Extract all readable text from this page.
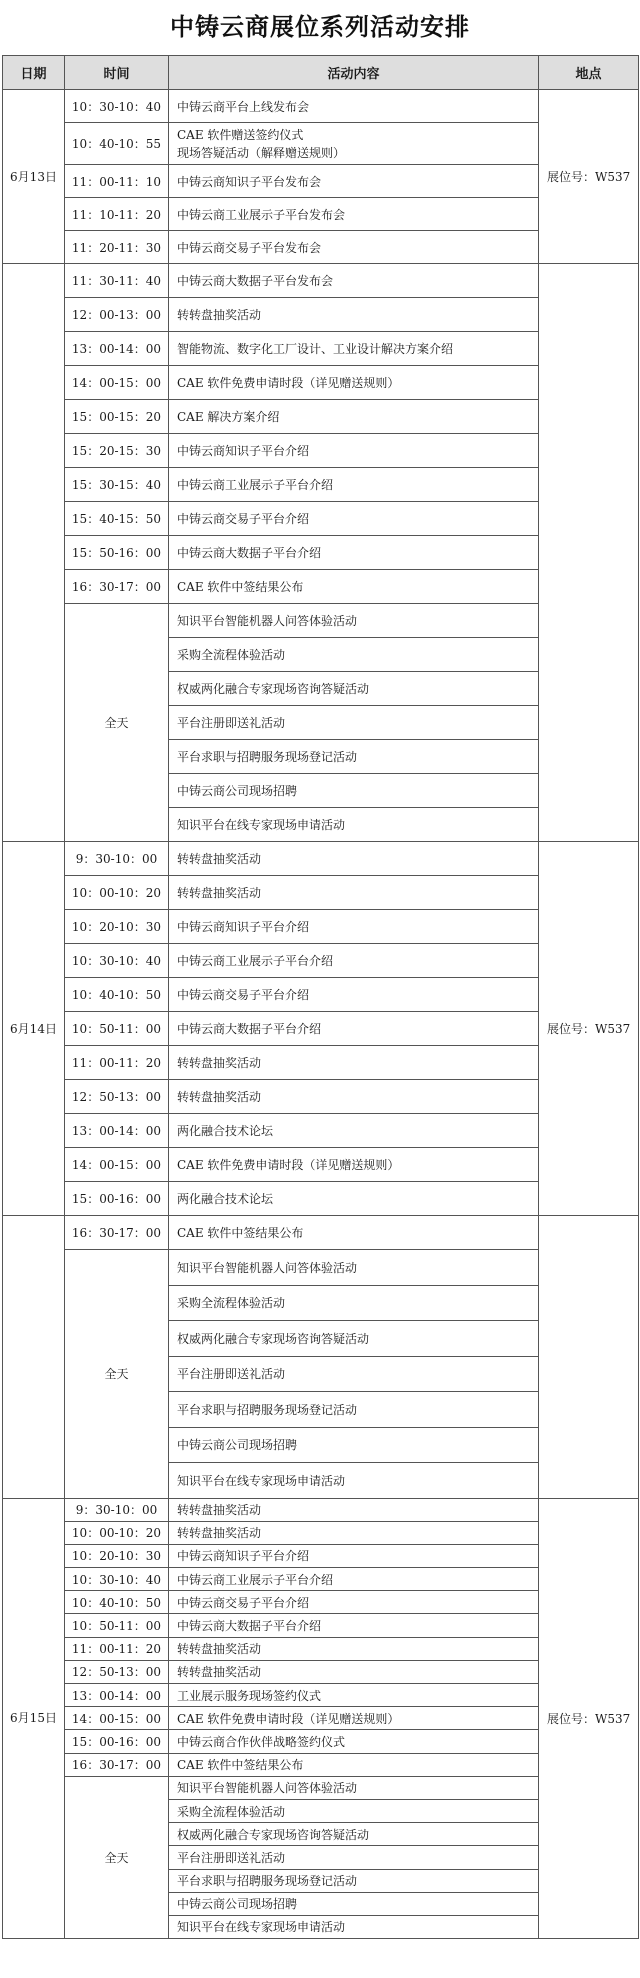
中铸云商展位系列活动安排
日期	时间	活动内容	地点
6月13日	10：30-10：40	中铸云商平台上线发布会	展位号：W537
	10：40-10：55	CAE 软件赠送签约仪式
现场答疑活动（解释赠送规则）	

	11：00-11：10	中铸云商知识子平台发布会	
	11：10-11：20	中铸云商工业展示子平台发布会	
	11：20-11：30	中铸云商交易子平台发布会	
	11：30-11：40	中铸云商大数据子平台发布会	
	12：00-13：00	转转盘抽奖活动	
	13：00-14：00	智能物流、数字化工厂设计、工业设计解决方案介绍	
	14：00-15：00	CAE 软件免费申请时段（详见赠送规则）	
	15：00-15：20	CAE 解决方案介绍	
	15：20-15：30	中铸云商知识子平台介绍	
	15：30-15：40	中铸云商工业展示子平台介绍	
	15：40-15：50	中铸云商交易子平台介绍	
	15：50-16：00	中铸云商大数据子平台介绍	
	16：30-17：00	CAE 软件中签结果公布	
	全天	知识平台智能机器人问答体验活动	
		采购全流程体验活动	
		权威两化融合专家现场咨询答疑活动	
		平台注册即送礼活动	
		平台求职与招聘服务现场登记活动	
		中铸云商公司现场招聘	
		知识平台在线专家现场申请活动	
6月14日	9：30-10：00	转转盘抽奖活动	展位号：W537
	10：00-10：20	转转盘抽奖活动	
	10：20-10：30	中铸云商知识子平台介绍	
	10：30-10：40	中铸云商工业展示子平台介绍	
	10：40-10：50	中铸云商交易子平台介绍	
	10：50-11：00	中铸云商大数据子平台介绍	
	11：00-11：20	转转盘抽奖活动	
	12：50-13：00	转转盘抽奖活动	
	13：00-14：00	两化融合技术论坛	
	14：00-15：00	CAE 软件免费申请时段（详见赠送规则）	
	15：00-16：00	两化融合技术论坛	
	16：30-17：00	CAE 软件中签结果公布	
	全天	知识平台智能机器人问答体验活动	
		采购全流程体验活动	
		权威两化融合专家现场咨询答疑活动	
		平台注册即送礼活动	
		平台求职与招聘服务现场登记活动	
		中铸云商公司现场招聘	
		知识平台在线专家现场申请活动	
6月15日	9：30-10：00	转转盘抽奖活动	展位号：W537
	10：00-10：20	转转盘抽奖活动	
	10：20-10：30	中铸云商知识子平台介绍	
	10：30-10：40	中铸云商工业展示子平台介绍	
	10：40-10：50	中铸云商交易子平台介绍	
	10：50-11：00	中铸云商大数据子平台介绍	
	11：00-11：20	转转盘抽奖活动	
	12：50-13：00	转转盘抽奖活动	
	13：00-14：00	工业展示服务现场签约仪式	
	14：00-15：00	CAE 软件免费申请时段（详见赠送规则）	
	15：00-16：00	中铸云商合作伙伴战略签约仪式	
	16：30-17：00	CAE 软件中签结果公布	
	全天	知识平台智能机器人问答体验活动	
		采购全流程体验活动	
		权威两化融合专家现场咨询答疑活动	
		平台注册即送礼活动	
		平台求职与招聘服务现场登记活动	
		中铸云商公司现场招聘	
		知识平台在线专家现场申请活动	
